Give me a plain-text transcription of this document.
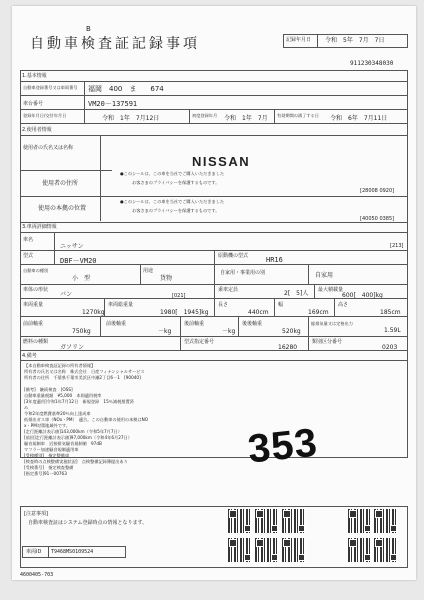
B
自動車検査証記録事項	記録年月日 令和　5年　7月　7日
911230348030
1.基本情報
自動車登録番号又は車両番号 福岡　400　ま　　674
車台番号	VM20－137591
登録年月日/交付年月日	令和　1年　7月12日	初度登録年月 令和　1年　7月 有効期間の満了する日 令和　6年　7月11日
2.使用者情報
使用者の氏名又は名称
NISSAN
●このシールは、この車を当社でご購入いただきました
お客さまのプライバシーを保護するものです。
使用者の住所
[28008 0920]
●このシールは、この車を当社でご購入いただきました
お客さまのプライバシーを保護するものです。
使用の本拠の位置
[40050 0385]
3.車両詳細情報
車名
ニッサン	[213]
型式
DBF－VM20
原動機の型式	HR16
自動車の種別
小　型
用途
貨物
自家用・事業用の別	自家用
車体の形状
バン	[021]
乗車定員	2[　5]人 最大積載量
600[　400]kg
車両重量
1270kg
車両総重量
1980[　1945]kg
長さ
440cm
幅
169cm
高さ
185cm
前前軸重
750kg
前後軸重
－kg
後前軸重
－kg
後後軸重
520kg
総排気量又は定格出力
1.59L
燃料の種類
ガソリン
型式指定番号
16280
類別区分番号
0203
4.備考
【本自動車検査証記録の所有者情報】
所有者の氏名又は名称　株式会社　日産フィナンシャルサービス
所有者の住所　千葉県千葉市美浜区中瀬2丁目6－1　[90040]
[備考]　継続検査　[OSS]
自動車重量税額　¥5,000　本則適用税率
[3年度適用]令和1年7月12日　新規登録　15％減税措置済
み
令和2年度燃費基準20％向上達成車
低排出ガス車（NOx・PM）　適合。この自動車の使用の本拠はNO
x・PM対策地域外です。
[走行距離計表示値]143,000km（令和5年7月7日）
[前回]走行距離計表示値]97,000km（令和4年6月27日）
騒音規制車　近接排気騒音規制値　97dB
マフラー加速騒音規制適用車
[受検種別]　指定整備車
[検査時の点検整備実施状況]　点検整備記録簿提出あり
[受検番号]　指定検査整備
[指定番号]91－00763
353
[注意事項]
自動車検査証はシステム登録時点の情報となります。
車両ID T9468MS0109524
4600405-703
